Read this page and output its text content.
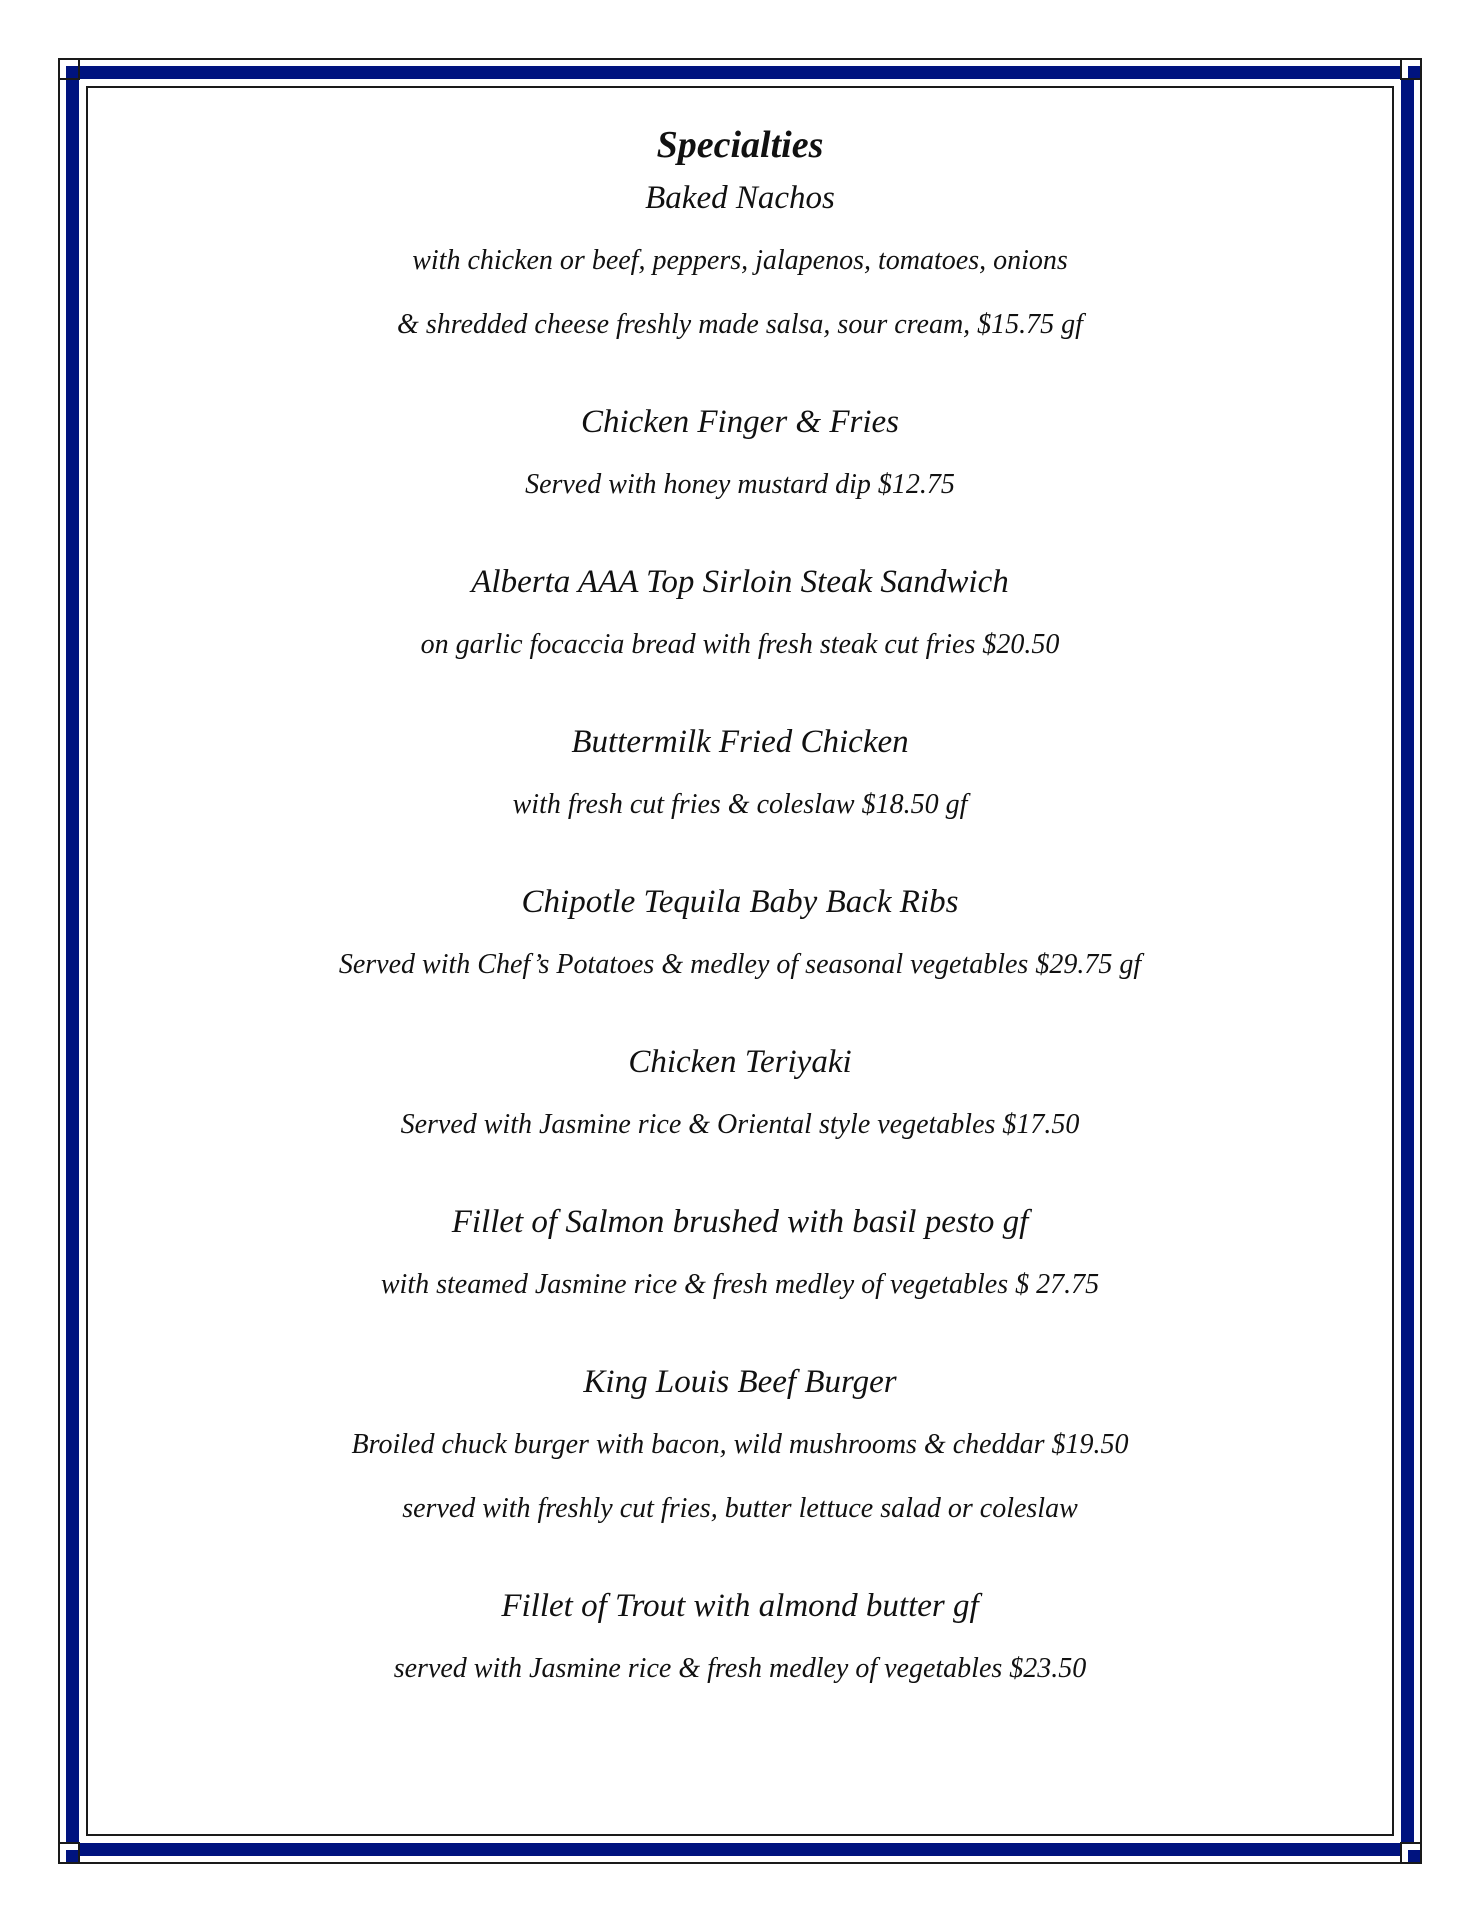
Specialties

Baked Nachos

with chicken or beef, peppers, jalapenos, tomatoes, onions

& shredded cheese freshly made salsa, sour cream, $15.75 gf

Chicken Finger & Fries

Served with honey mustard dip $12.75

Alberta AAA Top Sirloin Steak Sandwich

on garlic focaccia bread with fresh steak cut fries $20.50

Buttermilk Fried Chicken

with fresh cut fries & coleslaw $18.50 gf

Chipotle Tequila Baby Back Ribs

Served with Chef’s Potatoes & medley of seasonal vegetables $29.75 gf

Chicken Teriyaki

Served with Jasmine rice & Oriental style vegetables $17.50

Fillet of Salmon brushed with basil pesto gf

with steamed Jasmine rice & fresh medley of vegetables $ 27.75

King Louis Beef Burger

Broiled chuck burger with bacon, wild mushrooms & cheddar $19.50

served with freshly cut fries, butter lettuce salad or coleslaw

Fillet of Trout with almond butter gf

served with Jasmine rice & fresh medley of vegetables $23.50
